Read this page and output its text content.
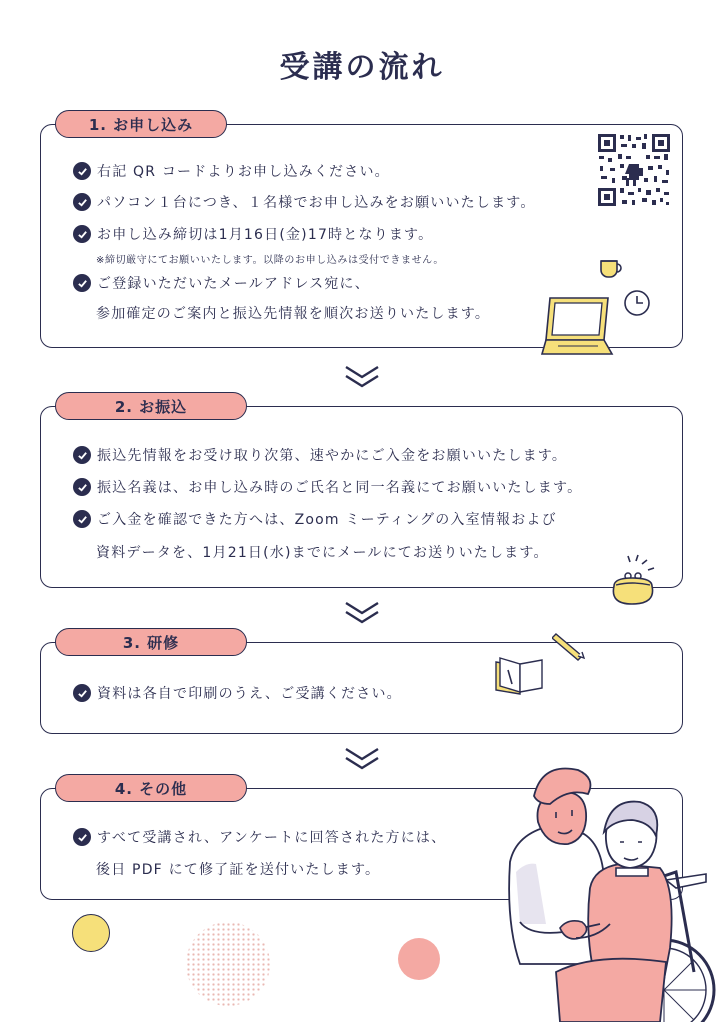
受講の流れ
1. お申し込み
右記 QR コードよりお申し込みください。
パソコン１台につき、１名様でお申し込みをお願いいたします。
お申し込み締切は1月16日(金)17時となります。
※締切厳守にてお願いいたします。以降のお申し込みは受付できません。
ご登録いただいたメールアドレス宛に、
参加確定のご案内と振込先情報を順次お送りいたします。
2. お振込
振込先情報をお受け取り次第、速やかにご入金をお願いいたします。
振込名義は、お申し込み時のご氏名と同一名義にてお願いいたします。
ご入金を確認できた方へは、Zoom ミーティングの入室情報および
資料データを、1月21日(水)までにメールにてお送りいたします。
3. 研修
資料は各自で印刷のうえ、ご受講ください。
4. その他
すべて受講され、アンケートに回答された方には、
後日 PDF にて修了証を送付いたします。
